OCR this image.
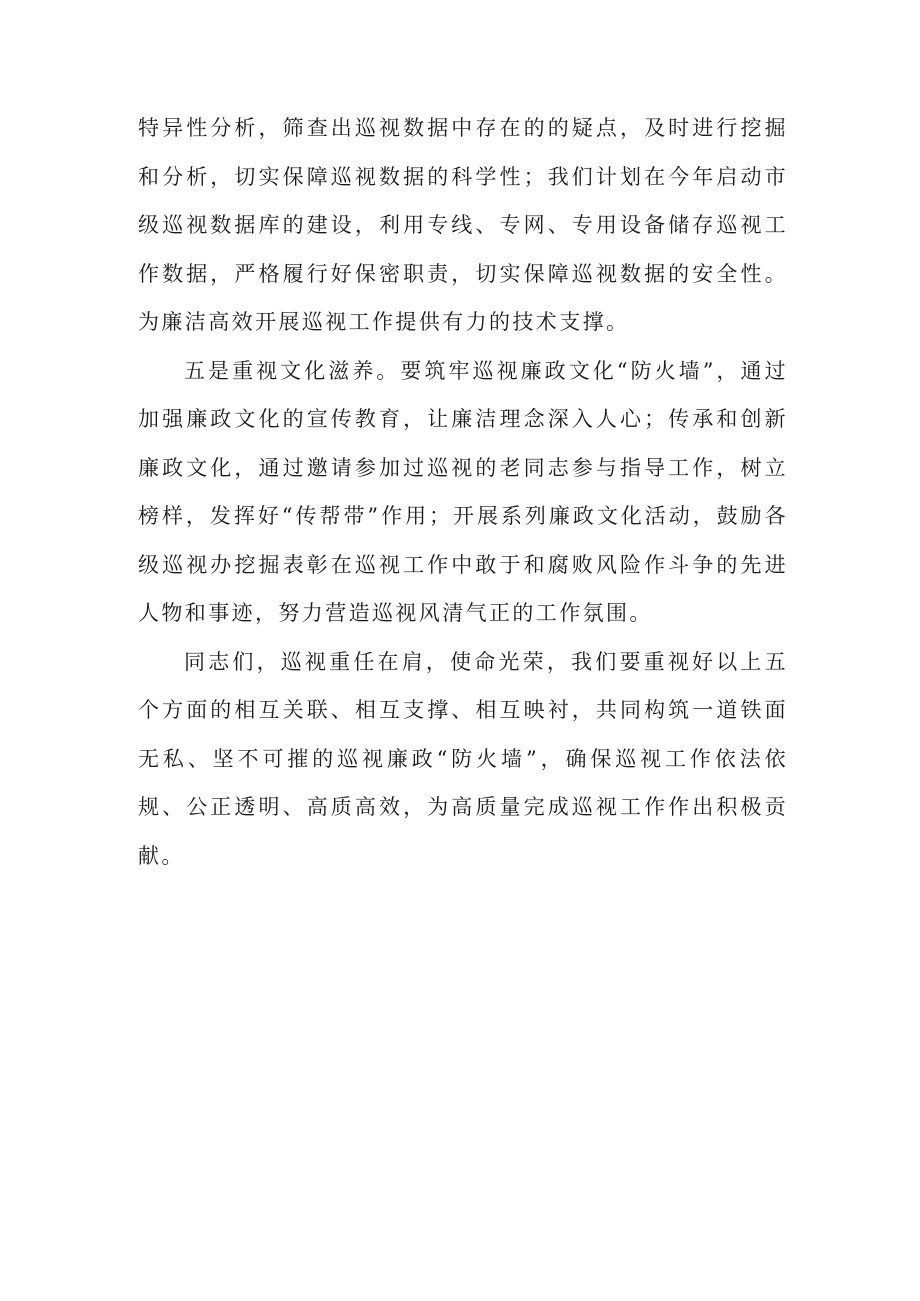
特异性分析，筛查出巡视数据中存在的的疑点，及时进行挖掘和分析，切实保障巡视数据的科学性；我们计划在今年启动市级巡视数据库的建设，利用专线、专网、专用设备储存巡视工作数据，严格履行好保密职责，切实保障巡视数据的安全性。为廉洁高效开展巡视工作提供有力的技术支撑。

五是重视文化滋养。要筑牢巡视廉政文化“防火墙”，通过加强廉政文化的宣传教育，让廉洁理念深入人心；传承和创新廉政文化，通过邀请参加过巡视的老同志参与指导工作，树立榜样，发挥好“传帮带”作用；开展系列廉政文化活动，鼓励各级巡视办挖掘表彰在巡视工作中敢于和腐败风险作斗争的先进人物和事迹，努力营造巡视风清气正的工作氛围。

同志们，巡视重任在肩，使命光荣，我们要重视好以上五个方面的相互关联、相互支撑、相互映衬，共同构筑一道铁面无私、坚不可摧的巡视廉政“防火墙”，确保巡视工作依法依规、公正透明、高质高效，为高质量完成巡视工作作出积极贡献。
